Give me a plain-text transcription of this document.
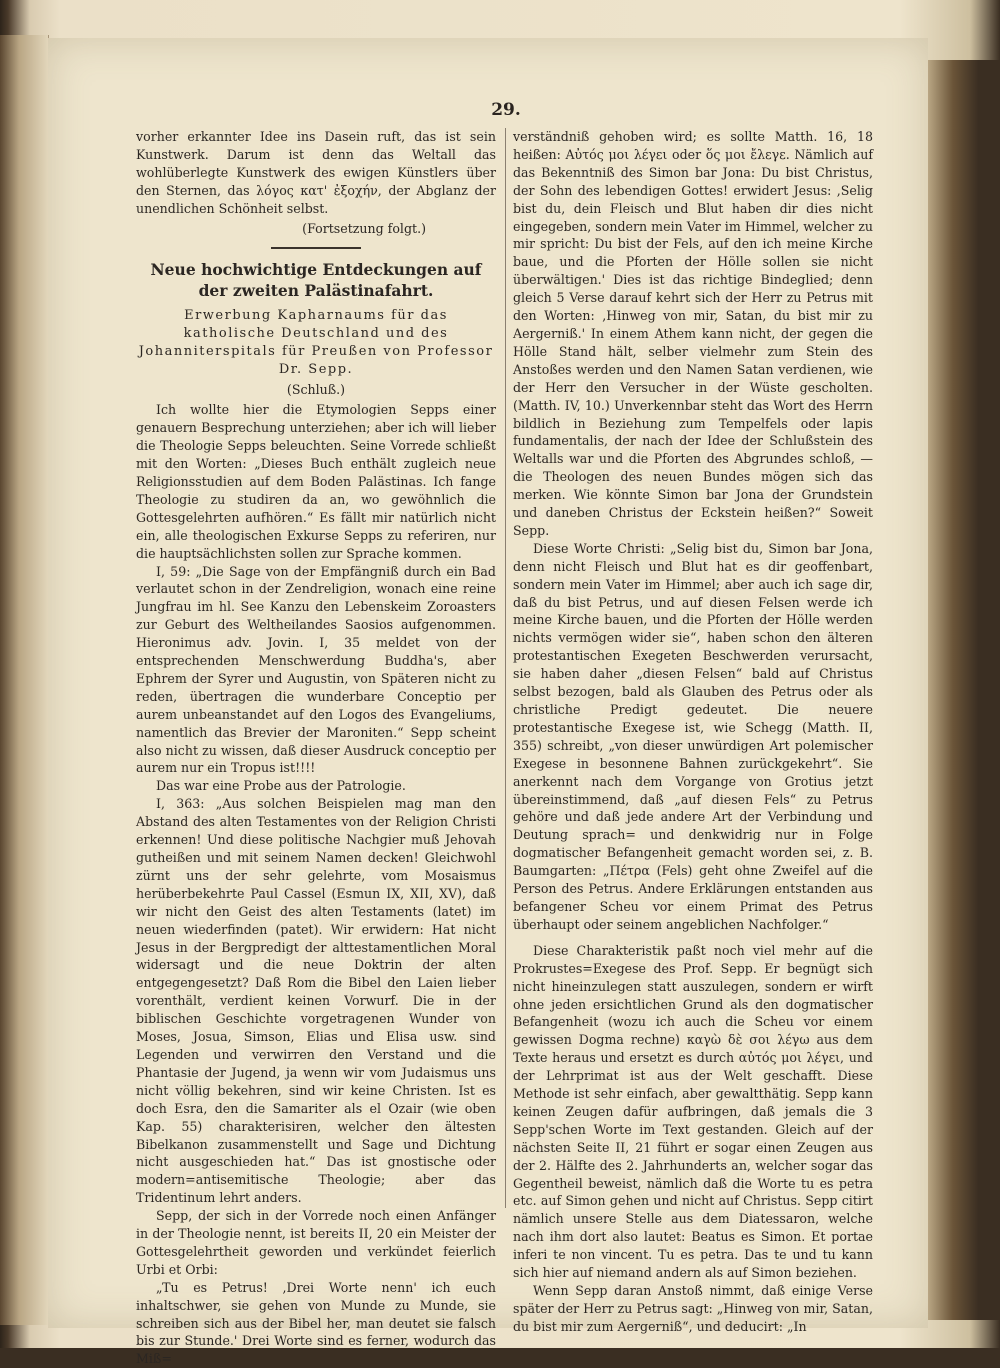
29.

vorher erkannter Idee ins Dasein ruft, das ist sein Kunstwerk. Darum ist denn das Weltall das wohlüberlegte Kunstwerk des ewigen Künstlers über den Sternen, das λόγος κατ' ἐξοχήν, der Abglanz der unendlichen Schönheit selbst.

(Fortsetzung folgt.)

Neue hochwichtige Entdeckungen auf der zweiten Palästinafahrt.

Erwerbung Kapharnaums für das katholische Deutschland und des Johanniterspitals für Preußen von Professor Dr. Sepp.

(Schluß.)

Ich wollte hier die Etymologien Sepps einer genauern Besprechung unterziehen; aber ich will lieber die Theologie Sepps beleuchten. Seine Vorrede schließt mit den Worten: „Dieses Buch enthält zugleich neue Religionsstudien auf dem Boden Palästinas. Ich fange Theologie zu studiren da an, wo gewöhnlich die Gottesgelehrten aufhören.“ Es fällt mir natürlich nicht ein, alle theologischen Exkurse Sepps zu referiren, nur die hauptsächlichsten sollen zur Sprache kommen.

I, 59: „Die Sage von der Empfängniß durch ein Bad verlautet schon in der Zendreligion, wonach eine reine Jungfrau im hl. See Kanzu den Lebenskeim Zoroasters zur Geburt des Weltheilandes Saosios aufgenommen. Hieronimus adv. Jovin. I, 35 meldet von der entsprechenden Menschwerdung Buddha's, aber Ephrem der Syrer und Augustin, von Späteren nicht zu reden, übertragen die wunderbare Conceptio per aurem unbeanstandet auf den Logos des Evangeliums, namentlich das Brevier der Maroniten.“ Sepp scheint also nicht zu wissen, daß dieser Ausdruck conceptio per aurem nur ein Tropus ist!!!!

Das war eine Probe aus der Patrologie.

I, 363: „Aus solchen Beispielen mag man den Abstand des alten Testamentes von der Religion Christi erkennen! Und diese politische Nachgier muß Jehovah gutheißen und mit seinem Namen decken! Gleichwohl zürnt uns der sehr gelehrte, vom Mosaismus herüberbekehrte Paul Cassel (Esmun IX, XII, XV), daß wir nicht den Geist des alten Testaments (latet) im neuen wiederfinden (patet). Wir erwidern: Hat nicht Jesus in der Bergpredigt der alttestamentlichen Moral widersagt und die neue Doktrin der alten entgegengesetzt? Daß Rom die Bibel den Laien lieber vorenthält, verdient keinen Vorwurf. Die in der biblischen Geschichte vorgetragenen Wunder von Moses, Josua, Simson, Elias und Elisa usw. sind Legenden und verwirren den Verstand und die Phantasie der Jugend, ja wenn wir vom Judaismus uns nicht völlig bekehren, sind wir keine Christen. Ist es doch Esra, den die Samariter als el Ozair (wie oben Kap. 55) charakterisiren, welcher den ältesten Bibelkanon zusammenstellt und Sage und Dichtung nicht ausgeschieden hat.“ Das ist gnostische oder modern=antisemitische Theologie; aber das Tridentinum lehrt anders.

Sepp, der sich in der Vorrede noch einen Anfänger in der Theologie nennt, ist bereits II, 20 ein Meister der Gottesgelehrtheit geworden und verkündet feierlich Urbi et Orbi:

„Tu es Petrus! ,Drei Worte nenn' ich euch inhaltschwer, sie gehen von Munde zu Munde, sie schreiben sich aus der Bibel her, man deutet sie falsch bis zur Stunde.' Drei Worte sind es ferner, wodurch das Miß=

verständniß gehoben wird; es sollte Matth. 16, 18 heißen: Αὐτός μοι λέγει oder ὅς μοι ἔλεγε. Nämlich auf das Bekenntniß des Simon bar Jona: Du bist Christus, der Sohn des lebendigen Gottes! erwidert Jesus: ,Selig bist du, dein Fleisch und Blut haben dir dies nicht eingegeben, sondern mein Vater im Himmel, welcher zu mir spricht: Du bist der Fels, auf den ich meine Kirche baue, und die Pforten der Hölle sollen sie nicht überwältigen.' Dies ist das richtige Bindeglied; denn gleich 5 Verse darauf kehrt sich der Herr zu Petrus mit den Worten: ,Hinweg von mir, Satan, du bist mir zu Aergerniß.' In einem Athem kann nicht, der gegen die Hölle Stand hält, selber vielmehr zum Stein des Anstoßes werden und den Namen Satan verdienen, wie der Herr den Versucher in der Wüste gescholten. (Matth. IV, 10.) Unverkennbar steht das Wort des Herrn bildlich in Beziehung zum Tempelfels oder lapis fundamentalis, der nach der Idee der Schlußstein des Weltalls war und die Pforten des Abgrundes schloß, — die Theologen des neuen Bundes mögen sich das merken. Wie könnte Simon bar Jona der Grundstein und daneben Christus der Eckstein heißen?“ Soweit Sepp.

Diese Worte Christi: „Selig bist du, Simon bar Jona, denn nicht Fleisch und Blut hat es dir geoffenbart, sondern mein Vater im Himmel; aber auch ich sage dir, daß du bist Petrus, und auf diesen Felsen werde ich meine Kirche bauen, und die Pforten der Hölle werden nichts vermögen wider sie“, haben schon den älteren protestantischen Exegeten Beschwerden verursacht, sie haben daher „diesen Felsen“ bald auf Christus selbst bezogen, bald als Glauben des Petrus oder als christliche Predigt gedeutet. Die neuere protestantische Exegese ist, wie Schegg (Matth. II, 355) schreibt, „von dieser unwürdigen Art polemischer Exegese in besonnene Bahnen zurückgekehrt“. Sie anerkennt nach dem Vorgange von Grotius jetzt übereinstimmend, daß „auf diesen Fels“ zu Petrus gehöre und daß jede andere Art der Verbindung und Deutung sprach= und denkwidrig nur in Folge dogmatischer Befangenheit gemacht worden sei, z. B. Baumgarten: „Πέτρα (Fels) geht ohne Zweifel auf die Person des Petrus. Andere Erklärungen entstanden aus befangener Scheu vor einem Primat des Petrus überhaupt oder seinem angeblichen Nachfolger.“

Diese Charakteristik paßt noch viel mehr auf die Prokrustes=Exegese des Prof. Sepp. Er begnügt sich nicht hineinzulegen statt auszulegen, sondern er wirft ohne jeden ersichtlichen Grund als den dogmatischer Befangenheit (wozu ich auch die Scheu vor einem gewissen Dogma rechne) καγὼ δὲ σοι λέγω aus dem Texte heraus und ersetzt es durch αὐτός μοι λέγει, und der Lehrprimat ist aus der Welt geschafft. Diese Methode ist sehr einfach, aber gewaltthätig. Sepp kann keinen Zeugen dafür aufbringen, daß jemals die 3 Sepp'schen Worte im Text gestanden. Gleich auf der nächsten Seite II, 21 führt er sogar einen Zeugen aus der 2. Hälfte des 2. Jahrhunderts an, welcher sogar das Gegentheil beweist, nämlich daß die Worte tu es petra etc. auf Simon gehen und nicht auf Christus. Sepp citirt nämlich unsere Stelle aus dem Diatessaron, welche nach ihm dort also lautet: Beatus es Simon. Et portae inferi te non vincent. Tu es petra. Das te und tu kann sich hier auf niemand andern als auf Simon beziehen.

Wenn Sepp daran Anstoß nimmt, daß einige Verse später der Herr zu Petrus sagt: „Hinweg von mir, Satan, du bist mir zum Aergerniß“, und deducirt: „In
